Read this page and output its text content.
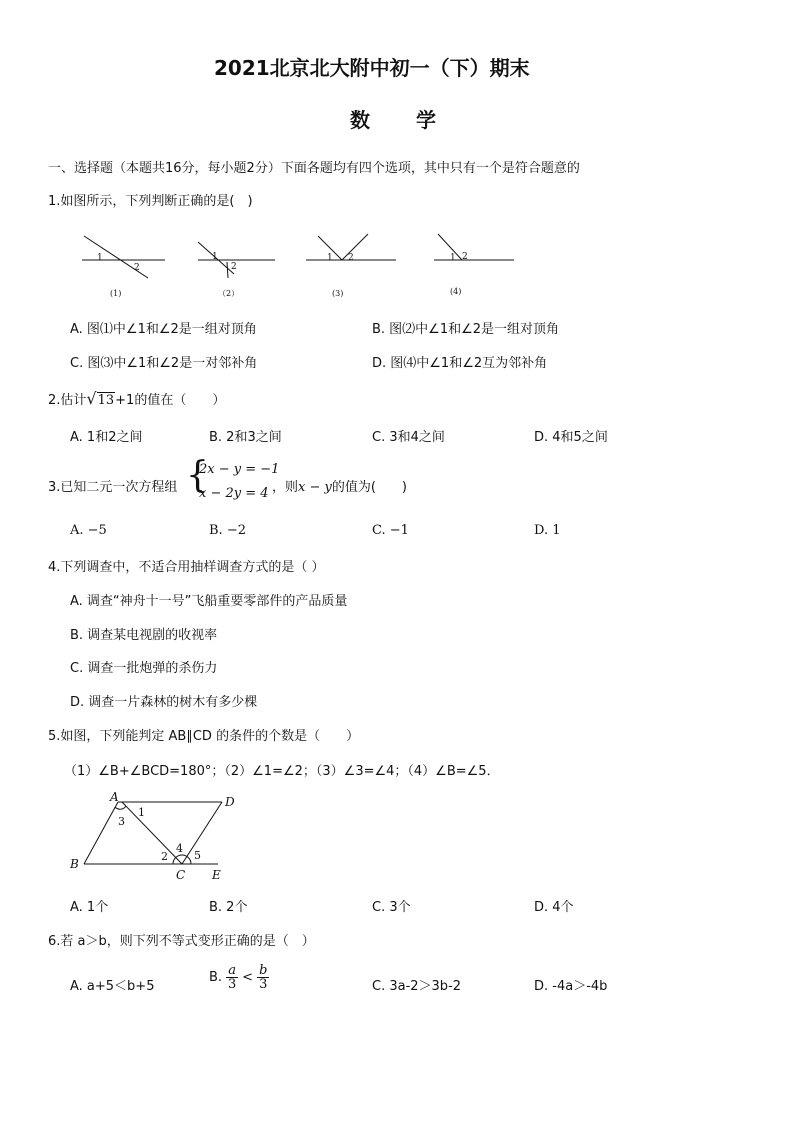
2021北京北大附中初一（下）期末
数　　学
一、选择题（本题共16分，每小题2分）下面各题均有四个选项，其中只有一个是符合题意的
1.如图所示，下列判断正确的是(　)
1
2
(1)
1
2
（2）
1 2
(3)
1 2
(4)
A. 图⑴中∠1和∠2是一组对顶角	B. 图⑵中∠1和∠2是一组对顶角
C. 图⑶中∠1和∠2是一对邻补角	D. 图⑷中∠1和∠2互为邻补角
2.估计√13+1的值在（　　）
A. 1和2之间	B. 2和3之间	C. 3和4之间	D. 4和5之间
3.已知二元一次方程组 {
2x − y = −1
x − 2y = 4 ，则x − y的值为(　　)
A. −5	B. −2	C. −1	D. 1
4.下列调查中，不适合用抽样调查方式的是（ ）
A. 调查“神舟十一号”飞船重要零部件的产品质量
B. 调查某电视剧的收视率
C. 调查一批炮弹的杀伤力
D. 调查一片森林的树木有多少棵
5.如图，下列能判定 AB∥CD 的条件的个数是（　　）
（1）∠B+∠BCD=180°；（2）∠1=∠2；（3）∠3=∠4；（4）∠B=∠5．
A	D
B
C E
1
2
3
4
5
A. 1个	B. 2个	C. 3个	D. 4个
6.若 a＞b，则下列不等式变形正确的是（　）
A. a+5＜b+5
B. $\frac{a}{3} < \frac{b}{3}$	C. 3a-2＞3b-2	D. -4a＞-4b
